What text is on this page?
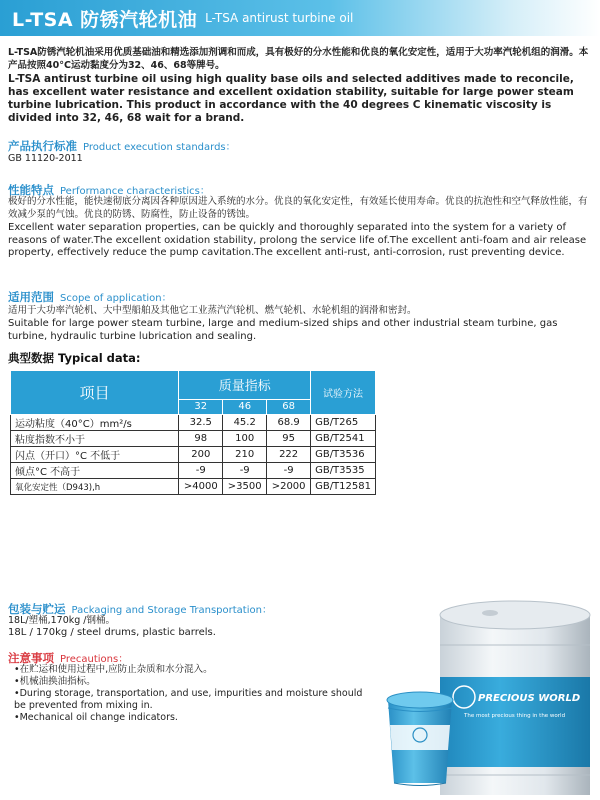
L-TSA 防锈汽轮机油 L-TSA antirust turbine oil
L-TSA防锈汽轮机油采用优质基础油和精选添加剂调和而成，具有极好的分水性能和优良的氧化安定性，适用于大功率汽轮机组的润滑。本产品按照40°C运动黏度分为32、46、68等牌号。
L-TSA antirust turbine oil using high quality base oils and selected additives made to reconcile, has excellent water resistance and excellent oxidation stability, suitable for large power steam turbine lubrication. This product in accordance with the 40 degrees C kinematic viscosity is divided into 32, 46, 68 wait for a brand.
产品执行标准 Product execution standards：
GB 11120-2011
性能特点 Performance characteristics：
极好的分水性能，能快速彻底分离因各种原因进入系统的水分。优良的氧化安定性，有效延长使用寿命。优良的抗泡性和空气释放性能，有效减少泵的气蚀。优良的防锈、防腐性，防止设备的锈蚀。
Excellent water separation properties, can be quickly and thoroughly separated into the system for a variety of reasons of water.The excellent oxidation stability, prolong the service life of.The excellent anti-foam and air release property, effectively reduce the pump cavitation.The excellent anti-rust, anti-corrosion, rust preventing device.
适用范围 Scope of application：
适用于大功率汽轮机、大中型船舶及其他它工业蒸汽汽轮机、燃气轮机、水轮机组的润滑和密封。
Suitable for large power steam turbine, large and medium-sized ships and other industrial steam turbine, gas turbine, hydraulic turbine lubrication and sealing.
典型数据 Typical data:
项目	质量指标			试验方法
	32	46	68	
运动粘度（40°C）mm²/s	32.5	45.2	68.9	GB/T265
粘度指数不小于	98	100	95	GB/T2541
闪点（开口）°C 不低于	200	210	222	GB/T3536
倾点°C 不高于	-9	-9	-9	GB/T3535
氧化安定性（D943),h	>4000	>3500	>2000	GB/T12581
包装与贮运 Packaging and Storage Transportation：
18L/塑桶,170kg /钢桶。
18L / 170kg / steel drums, plastic barrels.
注意事项 Precautions：
•在贮运和使用过程中,应防止杂质和水分混入。
•机械油换油指标。
•During storage, transportation, and use, impurities and moisture should be prevented from mixing in.
•Mechanical oil change indicators.
PRECIOUS WORLD
The most precious thing in the world
